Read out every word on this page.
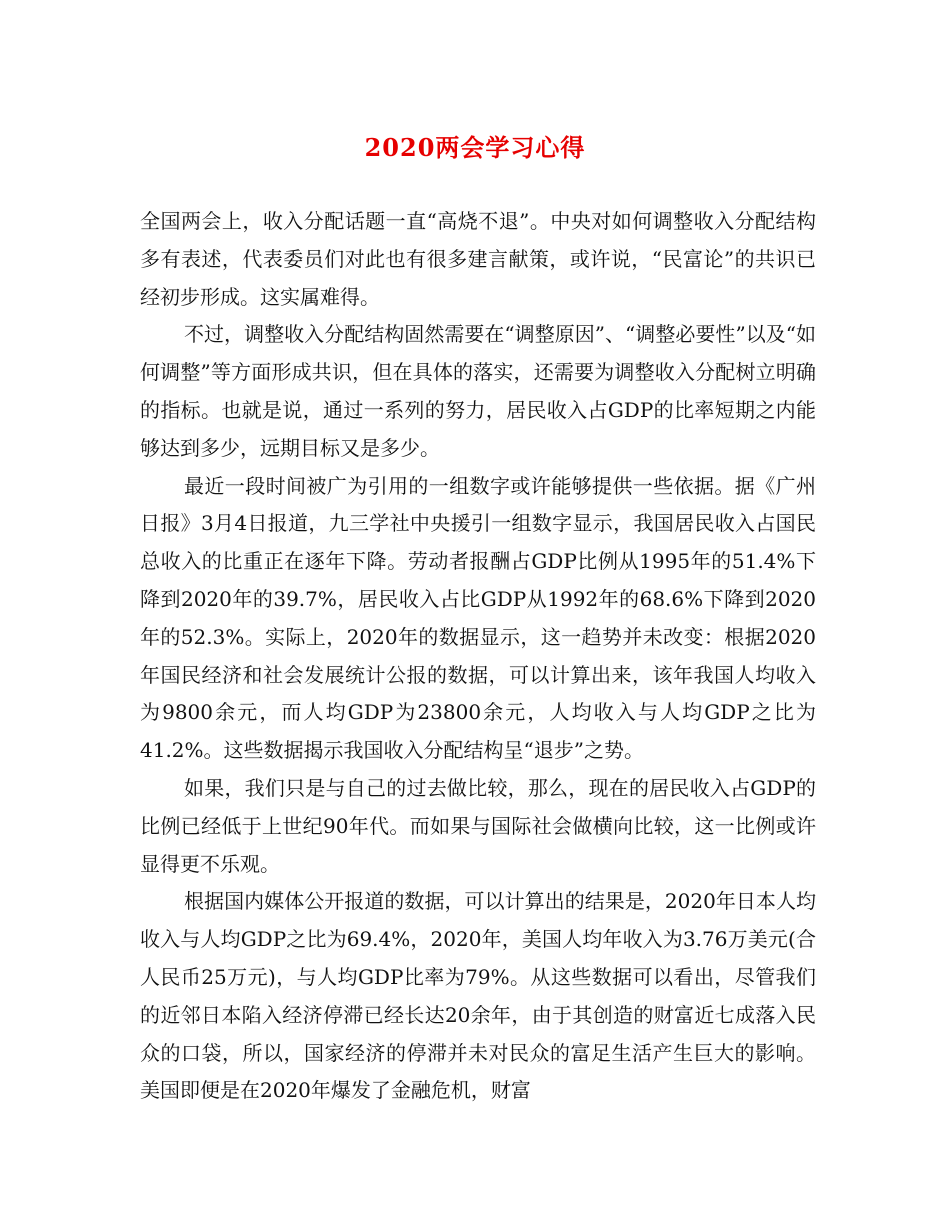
2020两会学习心得

全国两会上，收入分配话题一直“高烧不退”。中央对如何调整收入分配结构多有表述，代表委员们对此也有很多建言献策，或许说，“民富论”的共识已经初步形成。这实属难得。

不过，调整收入分配结构固然需要在“调整原因”、“调整必要性”以及“如何调整”等方面形成共识，但在具体的落实，还需要为调整收入分配树立明确的指标。也就是说，通过一系列的努力，居民收入占GDP的比率短期之内能够达到多少，远期目标又是多少。

最近一段时间被广为引用的一组数字或许能够提供一些依据。据《广州日报》3月4日报道，九三学社中央援引一组数字显示，我国居民收入占国民总收入的比重正在逐年下降。劳动者报酬占GDP比例从1995年的51.4%下降到2020年的39.7%，居民收入占比GDP从1992年的68.6%下降到2020年的52.3%。实际上，2020年的数据显示，这一趋势并未改变：根据2020年国民经济和社会发展统计公报的数据，可以计算出来，该年我国人均收入为9800余元，而人均GDP为23800余元，人均收入与人均GDP之比为41.2%。这些数据揭示我国收入分配结构呈“退步”之势。

如果，我们只是与自己的过去做比较，那么，现在的居民收入占GDP的比例已经低于上世纪90年代。而如果与国际社会做横向比较，这一比例或许显得更不乐观。

根据国内媒体公开报道的数据，可以计算出的结果是，2020年日本人均收入与人均GDP之比为69.4%，2020年，美国人均年收入为3.76万美元(合人民币25万元)，与人均GDP比率为79%。从这些数据可以看出，尽管我们的近邻日本陷入经济停滞已经长达20余年，由于其创造的财富近七成落入民众的口袋，所以，国家经济的停滞并未对民众的富足生活产生巨大的影响。美国即便是在2020年爆发了金融危机，财富
